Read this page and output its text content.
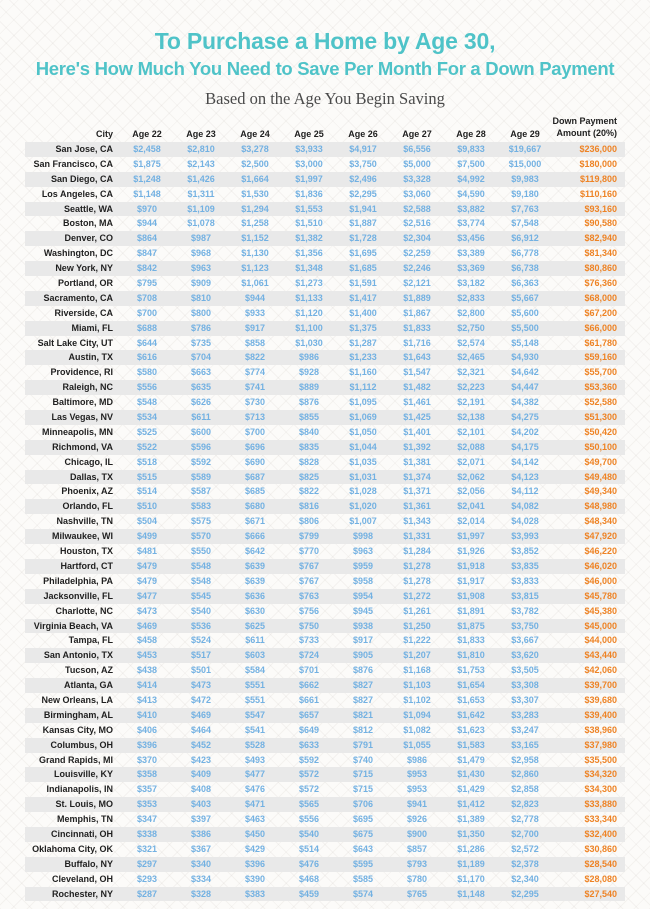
To Purchase a Home by Age 30,
Here's How Much You Need to Save Per Month For a Down Payment
Based on the Age You Begin Saving
City	Age 22	Age 23	Age 24	Age 25	Age 26	Age 27	Age 28	Age 29
Down Payment
Amount (20%)
San Jose, CA	$2,458	$2,810	$3,278	$3,933	$4,917	$6,556	$9,833	$19,667	$236,000
San Francisco, CA	$1,875	$2,143	$2,500	$3,000	$3,750	$5,000	$7,500	$15,000	$180,000
San Diego, CA	$1,248	$1,426	$1,664	$1,997	$2,496	$3,328	$4,992	$9,983	$119,800
Los Angeles, CA	$1,148	$1,311	$1,530	$1,836	$2,295	$3,060	$4,590	$9,180	$110,160
Seattle, WA	$970	$1,109	$1,294	$1,553	$1,941	$2,588	$3,882	$7,763	$93,160
Boston, MA	$944	$1,078	$1,258	$1,510	$1,887	$2,516	$3,774	$7,548	$90,580
Denver, CO	$864	$987	$1,152	$1,382	$1,728	$2,304	$3,456	$6,912	$82,940
Washington, DC	$847	$968	$1,130	$1,356	$1,695	$2,259	$3,389	$6,778	$81,340
New York, NY	$842	$963	$1,123	$1,348	$1,685	$2,246	$3,369	$6,738	$80,860
Portland, OR	$795	$909	$1,061	$1,273	$1,591	$2,121	$3,182	$6,363	$76,360
Sacramento, CA	$708	$810	$944	$1,133	$1,417	$1,889	$2,833	$5,667	$68,000
Riverside, CA	$700	$800	$933	$1,120	$1,400	$1,867	$2,800	$5,600	$67,200
Miami, FL	$688	$786	$917	$1,100	$1,375	$1,833	$2,750	$5,500	$66,000
Salt Lake City, UT	$644	$735	$858	$1,030	$1,287	$1,716	$2,574	$5,148	$61,780
Austin, TX	$616	$704	$822	$986	$1,233	$1,643	$2,465	$4,930	$59,160
Providence, RI	$580	$663	$774	$928	$1,160	$1,547	$2,321	$4,642	$55,700
Raleigh, NC	$556	$635	$741	$889	$1,112	$1,482	$2,223	$4,447	$53,360
Baltimore, MD	$548	$626	$730	$876	$1,095	$1,461	$2,191	$4,382	$52,580
Las Vegas, NV	$534	$611	$713	$855	$1,069	$1,425	$2,138	$4,275	$51,300
Minneapolis, MN	$525	$600	$700	$840	$1,050	$1,401	$2,101	$4,202	$50,420
Richmond, VA	$522	$596	$696	$835	$1,044	$1,392	$2,088	$4,175	$50,100
Chicago, IL	$518	$592	$690	$828	$1,035	$1,381	$2,071	$4,142	$49,700
Dallas, TX	$515	$589	$687	$825	$1,031	$1,374	$2,062	$4,123	$49,480
Phoenix, AZ	$514	$587	$685	$822	$1,028	$1,371	$2,056	$4,112	$49,340
Orlando, FL	$510	$583	$680	$816	$1,020	$1,361	$2,041	$4,082	$48,980
Nashville, TN	$504	$575	$671	$806	$1,007	$1,343	$2,014	$4,028	$48,340
Milwaukee, WI	$499	$570	$666	$799	$998	$1,331	$1,997	$3,993	$47,920
Houston, TX	$481	$550	$642	$770	$963	$1,284	$1,926	$3,852	$46,220
Hartford, CT	$479	$548	$639	$767	$959	$1,278	$1,918	$3,835	$46,020
Philadelphia, PA	$479	$548	$639	$767	$958	$1,278	$1,917	$3,833	$46,000
Jacksonville, FL	$477	$545	$636	$763	$954	$1,272	$1,908	$3,815	$45,780
Charlotte, NC	$473	$540	$630	$756	$945	$1,261	$1,891	$3,782	$45,380
Virginia Beach, VA	$469	$536	$625	$750	$938	$1,250	$1,875	$3,750	$45,000
Tampa, FL	$458	$524	$611	$733	$917	$1,222	$1,833	$3,667	$44,000
San Antonio, TX	$453	$517	$603	$724	$905	$1,207	$1,810	$3,620	$43,440
Tucson, AZ	$438	$501	$584	$701	$876	$1,168	$1,753	$3,505	$42,060
Atlanta, GA	$414	$473	$551	$662	$827	$1,103	$1,654	$3,308	$39,700
New Orleans, LA	$413	$472	$551	$661	$827	$1,102	$1,653	$3,307	$39,680
Birmingham, AL	$410	$469	$547	$657	$821	$1,094	$1,642	$3,283	$39,400
Kansas City, MO	$406	$464	$541	$649	$812	$1,082	$1,623	$3,247	$38,960
Columbus, OH	$396	$452	$528	$633	$791	$1,055	$1,583	$3,165	$37,980
Grand Rapids, MI	$370	$423	$493	$592	$740	$986	$1,479	$2,958	$35,500
Louisville, KY	$358	$409	$477	$572	$715	$953	$1,430	$2,860	$34,320
Indianapolis, IN	$357	$408	$476	$572	$715	$953	$1,429	$2,858	$34,300
St. Louis, MO	$353	$403	$471	$565	$706	$941	$1,412	$2,823	$33,880
Memphis, TN	$347	$397	$463	$556	$695	$926	$1,389	$2,778	$33,340
Cincinnati, OH	$338	$386	$450	$540	$675	$900	$1,350	$2,700	$32,400
Oklahoma City, OK	$321	$367	$429	$514	$643	$857	$1,286	$2,572	$30,860
Buffalo, NY	$297	$340	$396	$476	$595	$793	$1,189	$2,378	$28,540
Cleveland, OH	$293	$334	$390	$468	$585	$780	$1,170	$2,340	$28,080
Rochester, NY	$287	$328	$383	$459	$574	$765	$1,148	$2,295	$27,540
